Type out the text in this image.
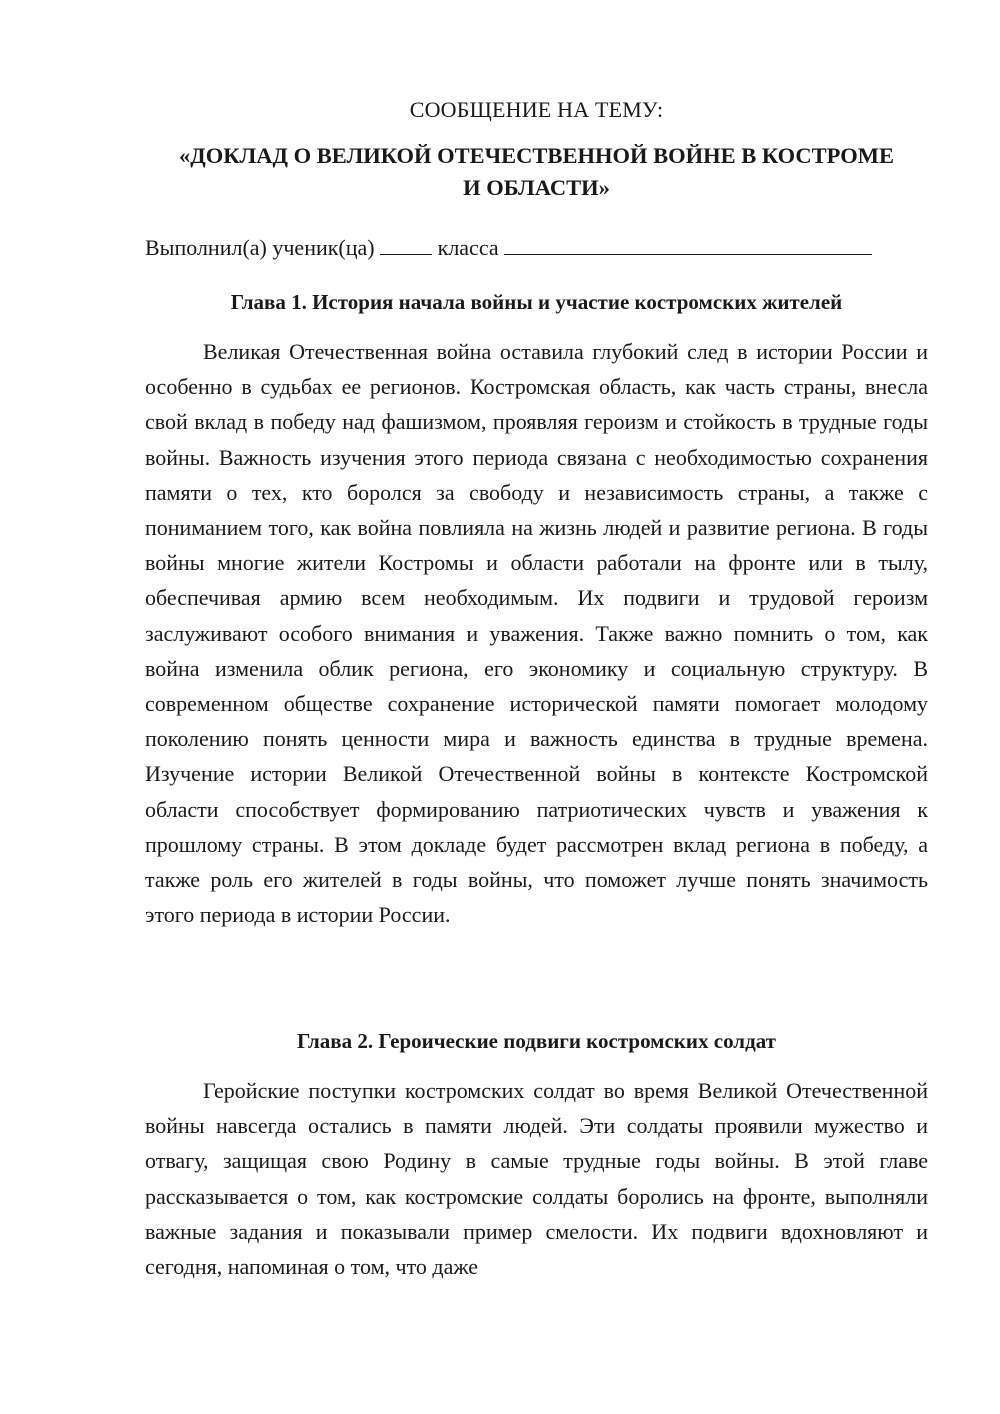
СООБЩЕНИЕ НА ТЕМУ:
«ДОКЛАД О ВЕЛИКОЙ ОТЕЧЕСТВЕННОЙ ВОЙНЕ В КОСТРОМЕ
И ОБЛАСТИ»
Выполнил(а) ученик(ца)	класса
Глава 1. История начала войны и участие костромских жителей

Великая Отечественная война оставила глубокий след в истории России и особенно в судьбах ее регионов. Костромская область, как часть страны, внесла свой вклад в победу над фашизмом, проявляя героизм и стойкость в трудные годы войны. Важность изучения этого периода связана с необходимостью сохранения памяти о тех, кто боролся за свободу и независимость страны, а также с пониманием того, как война повлияла на жизнь людей и развитие региона. В годы войны многие жители Костромы и области работали на фронте или в тылу, обеспечивая армию всем необходимым. Их подвиги и трудовой героизм заслуживают особого внимания и уважения. Также важно помнить о том, как война изменила облик региона, его экономику и социальную структуру. В современном обществе сохранение исторической памяти помогает молодому поколению понять ценности мира и важность единства в трудные времена. Изучение истории Великой Отечественной войны в контексте Костромской области способствует формированию патриотических чувств и уважения к прошлому страны. В этом докладе будет рассмотрен вклад региона в победу, а также роль его жителей в годы войны, что поможет лучше понять значимость этого периода в истории России.

Глава 2. Героические подвиги костромских солдат

Геройские поступки костромских солдат во время Великой Отечественной войны навсегда остались в памяти людей. Эти солдаты проявили мужество и отвагу, защищая свою Родину в самые трудные годы войны. В этой главе рассказывается о том, как костромские солдаты боролись на фронте, выполняли важные задания и показывали пример смелости. Их подвиги вдохновляют и сегодня, напоминая о том, что даже
